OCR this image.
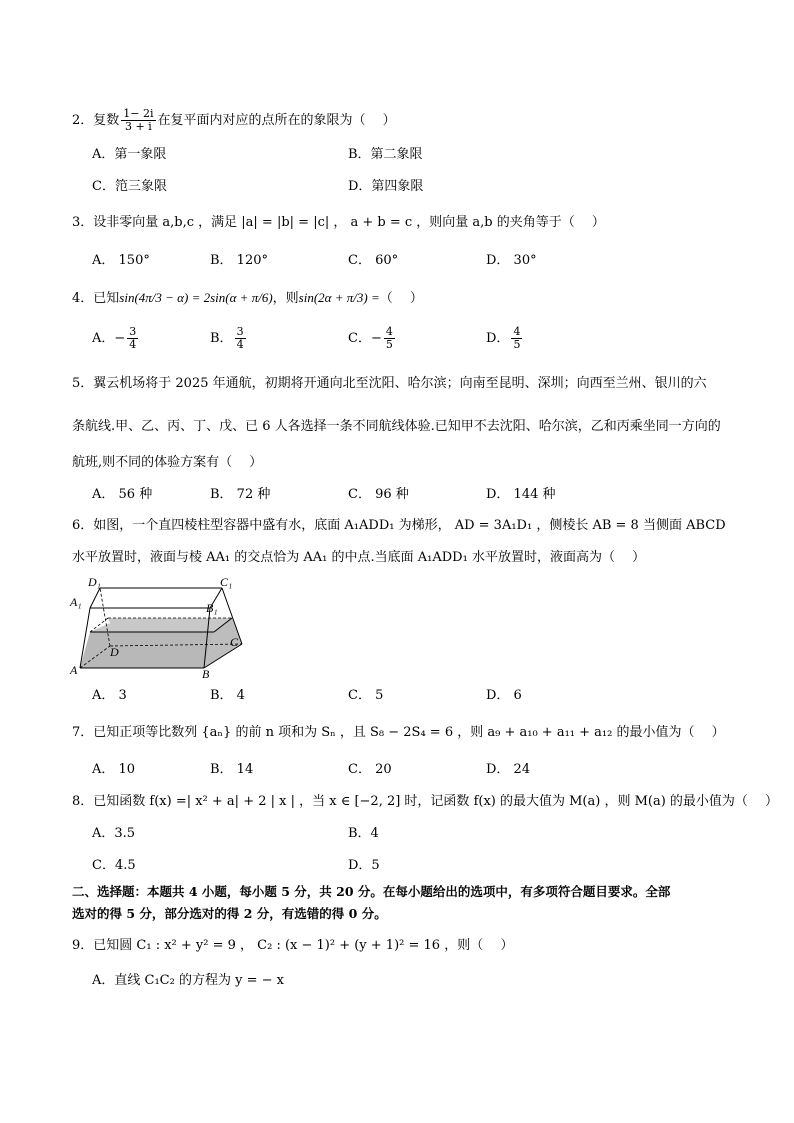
2．复数 $\frac{1- 2i}{3 + i}$ 在复平面内对应的点所在的象限为（　 ）
A．第一象限	B．第二象限
C．笵三象限	D．第四象限
3．设非零向量 a,b,c ，满足 |a| = |b| = |c| ， a + b = c ，则向量 a,b 的夹角等于（　 ）
A． 150°	B． 120°	C． 60°	D． 30°
4．已知sin(4π/3 − α) = 2sin(α + π/6)，则sin(2α + π/3) =（　 ）
A．− $\frac{3}{4}$	B． $\frac{3}{4}$	C．− $\frac{4}{5}$	D． $\frac{4}{5}$
5．翼云机场将于 2025 年通航，初期将开通向北至沈阳、哈尔滨；向南至昆明、深圳；向西至兰州、银川的六
条航线.甲、乙、丙、丁、戊、已 6 人各选择一条不同航线体验.已知甲不去沈阳、哈尔滨，乙和丙乘坐同一方向的
航班,则不同的体验方案有（　 ）
A． 56 种	B． 72 种	C． 96 种	D． 144 种
6．如图，一个直四棱柱型容器中盛有水，底面 A₁ADD₁ 为梯形， AD = 3A₁D₁ ，侧棱长 AB = 8 当侧面 ABCD
水平放置时，液面与棱 AA₁ 的交点恰为 AA₁ 的中点.当底面 A₁ADD₁ 水平放置时，液面高为（　 ）
D₁
A₁
C₁
B₁
D
C
A	B
A． 3	B． 4	C． 5	D． 6
7．已知正项等比数列 {aₙ} 的前 n 项和为 Sₙ ，且 S₈ − 2S₄ = 6 ，则 a₉ + a₁₀ + a₁₁ + a₁₂ 的最小值为（　 ）
A． 10	B． 14	C． 20	D． 24
8．已知函数 f(x) =| x² + a| + 2 | x | ，当 x ∈ [−2, 2] 时，记函数 f(x) 的最大值为 M(a) ，则 M(a) 的最小值为（　 ）
A．3.5	B．4
C．4.5	D．5
二、选择题：本题共 4 小题，每小题 5 分，共 20 分。在每小题给出的选项中，有多项符合题目要求。全部
选对的得 5 分，部分选对的得 2 分，有选错的得 0 分。
9．已知圆 C₁ : x² + y² = 9 ， C₂ : (x − 1)² + (y + 1)² = 16 ，则（　 ）
A．直线 C₁C₂ 的方程为 y = − x
